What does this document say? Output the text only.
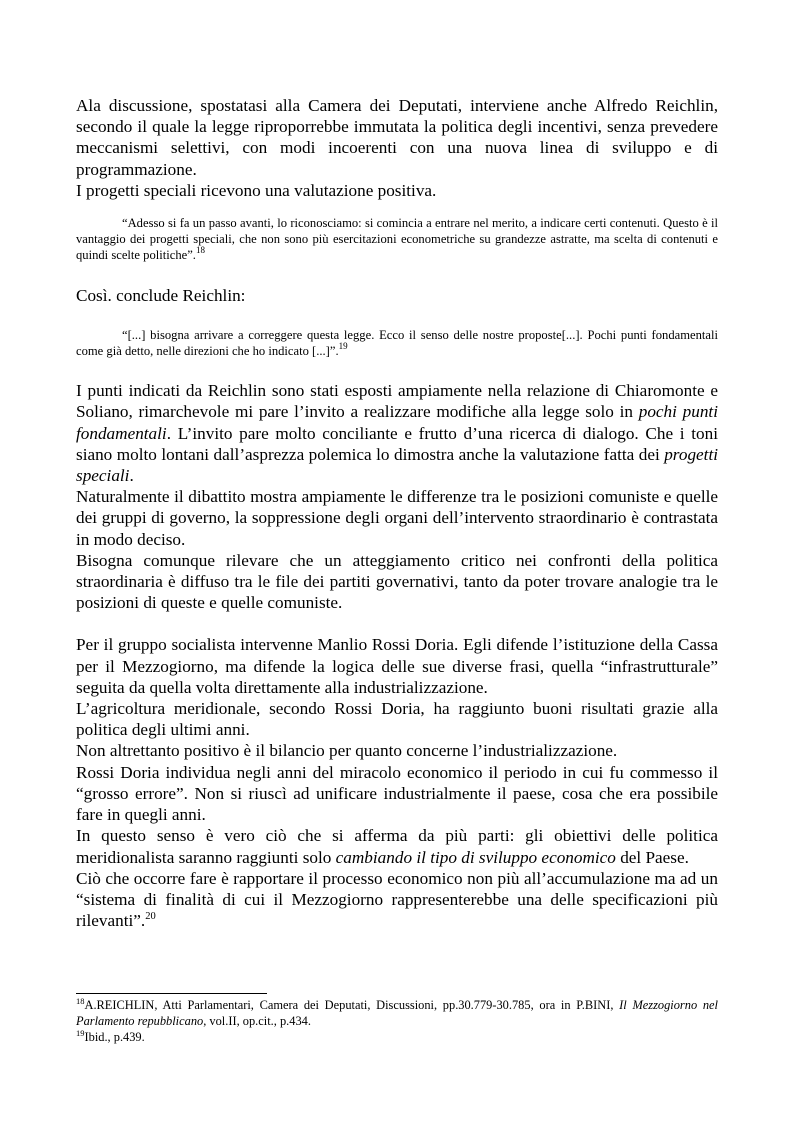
Ala discussione, spostatasi alla Camera dei Deputati, interviene anche Alfredo Reichlin, secondo il quale la legge riproporrebbe immutata la politica degli incentivi, senza prevedere meccanismi selettivi, con modi incoerenti con una nuova linea di sviluppo e di programmazione.

I progetti speciali ricevono una valutazione positiva.

“Adesso si fa un passo avanti, lo riconosciamo: si comincia a entrare nel merito, a indicare certi contenuti. Questo è il vantaggio dei progetti speciali, che non sono più esercitazioni econometriche su grandezze astratte, ma scelta di contenuti e quindi scelte politiche”.$^{18}$

Così. conclude Reichlin:

“[...] bisogna arrivare a correggere questa legge. Ecco il senso delle nostre proposte[...]. Pochi punti fondamentali come già detto, nelle direzioni che ho indicato [...]”.$^{19}$

I punti indicati da Reichlin sono stati esposti ampiamente nella relazione di Chiaromonte e Soliano, rimarchevole mi pare l’invito a realizzare modifiche alla legge solo in pochi punti fondamentali. L’invito pare molto conciliante e frutto d’una ricerca di dialogo. Che i toni siano molto lontani dall’asprezza polemica lo dimostra anche la valutazione fatta dei progetti speciali.

Naturalmente il dibattito mostra ampiamente le differenze tra le posizioni comuniste e quelle dei gruppi di governo, la soppressione degli organi dell’intervento straordinario è contrastata in modo deciso.

Bisogna comunque rilevare che un atteggiamento critico nei confronti della politica straordinaria è diffuso tra le file dei partiti governativi, tanto da poter trovare analogie tra le posizioni di queste e quelle comuniste.

Per il gruppo socialista intervenne Manlio Rossi Doria. Egli difende l’istituzione della Cassa per il Mezzogiorno, ma difende la logica delle sue diverse frasi, quella “infrastrutturale” seguita da quella volta direttamente alla industrializzazione.

L’agricoltura meridionale, secondo Rossi Doria, ha raggiunto buoni risultati grazie alla politica degli ultimi anni.

Non altrettanto positivo è il bilancio per quanto concerne l’industrializzazione.

Rossi Doria individua negli anni del miracolo economico il periodo in cui fu commesso il “grosso errore”. Non si riuscì ad unificare industrialmente il paese, cosa che era possibile fare in quegli anni.

In questo senso è vero ciò che si afferma da più parti: gli obiettivi delle politica meridionalista saranno raggiunti solo cambiando il tipo di sviluppo economico del Paese.

Ciò che occorre fare è rapportare il processo economico non più all’accumulazione ma ad un “sistema di finalità di cui il Mezzogiorno rappresenterebbe una delle specificazioni più rilevanti”.$^{20}$

$^{18}$A.REICHLIN, Atti Parlamentari, Camera dei Deputati, Discussioni, pp.30.779-30.785, ora in P.BINI, Il Mezzogiorno nel Parlamento repubblicano, vol.II, op.cit., p.434.

$^{19}$Ibid., p.439.
